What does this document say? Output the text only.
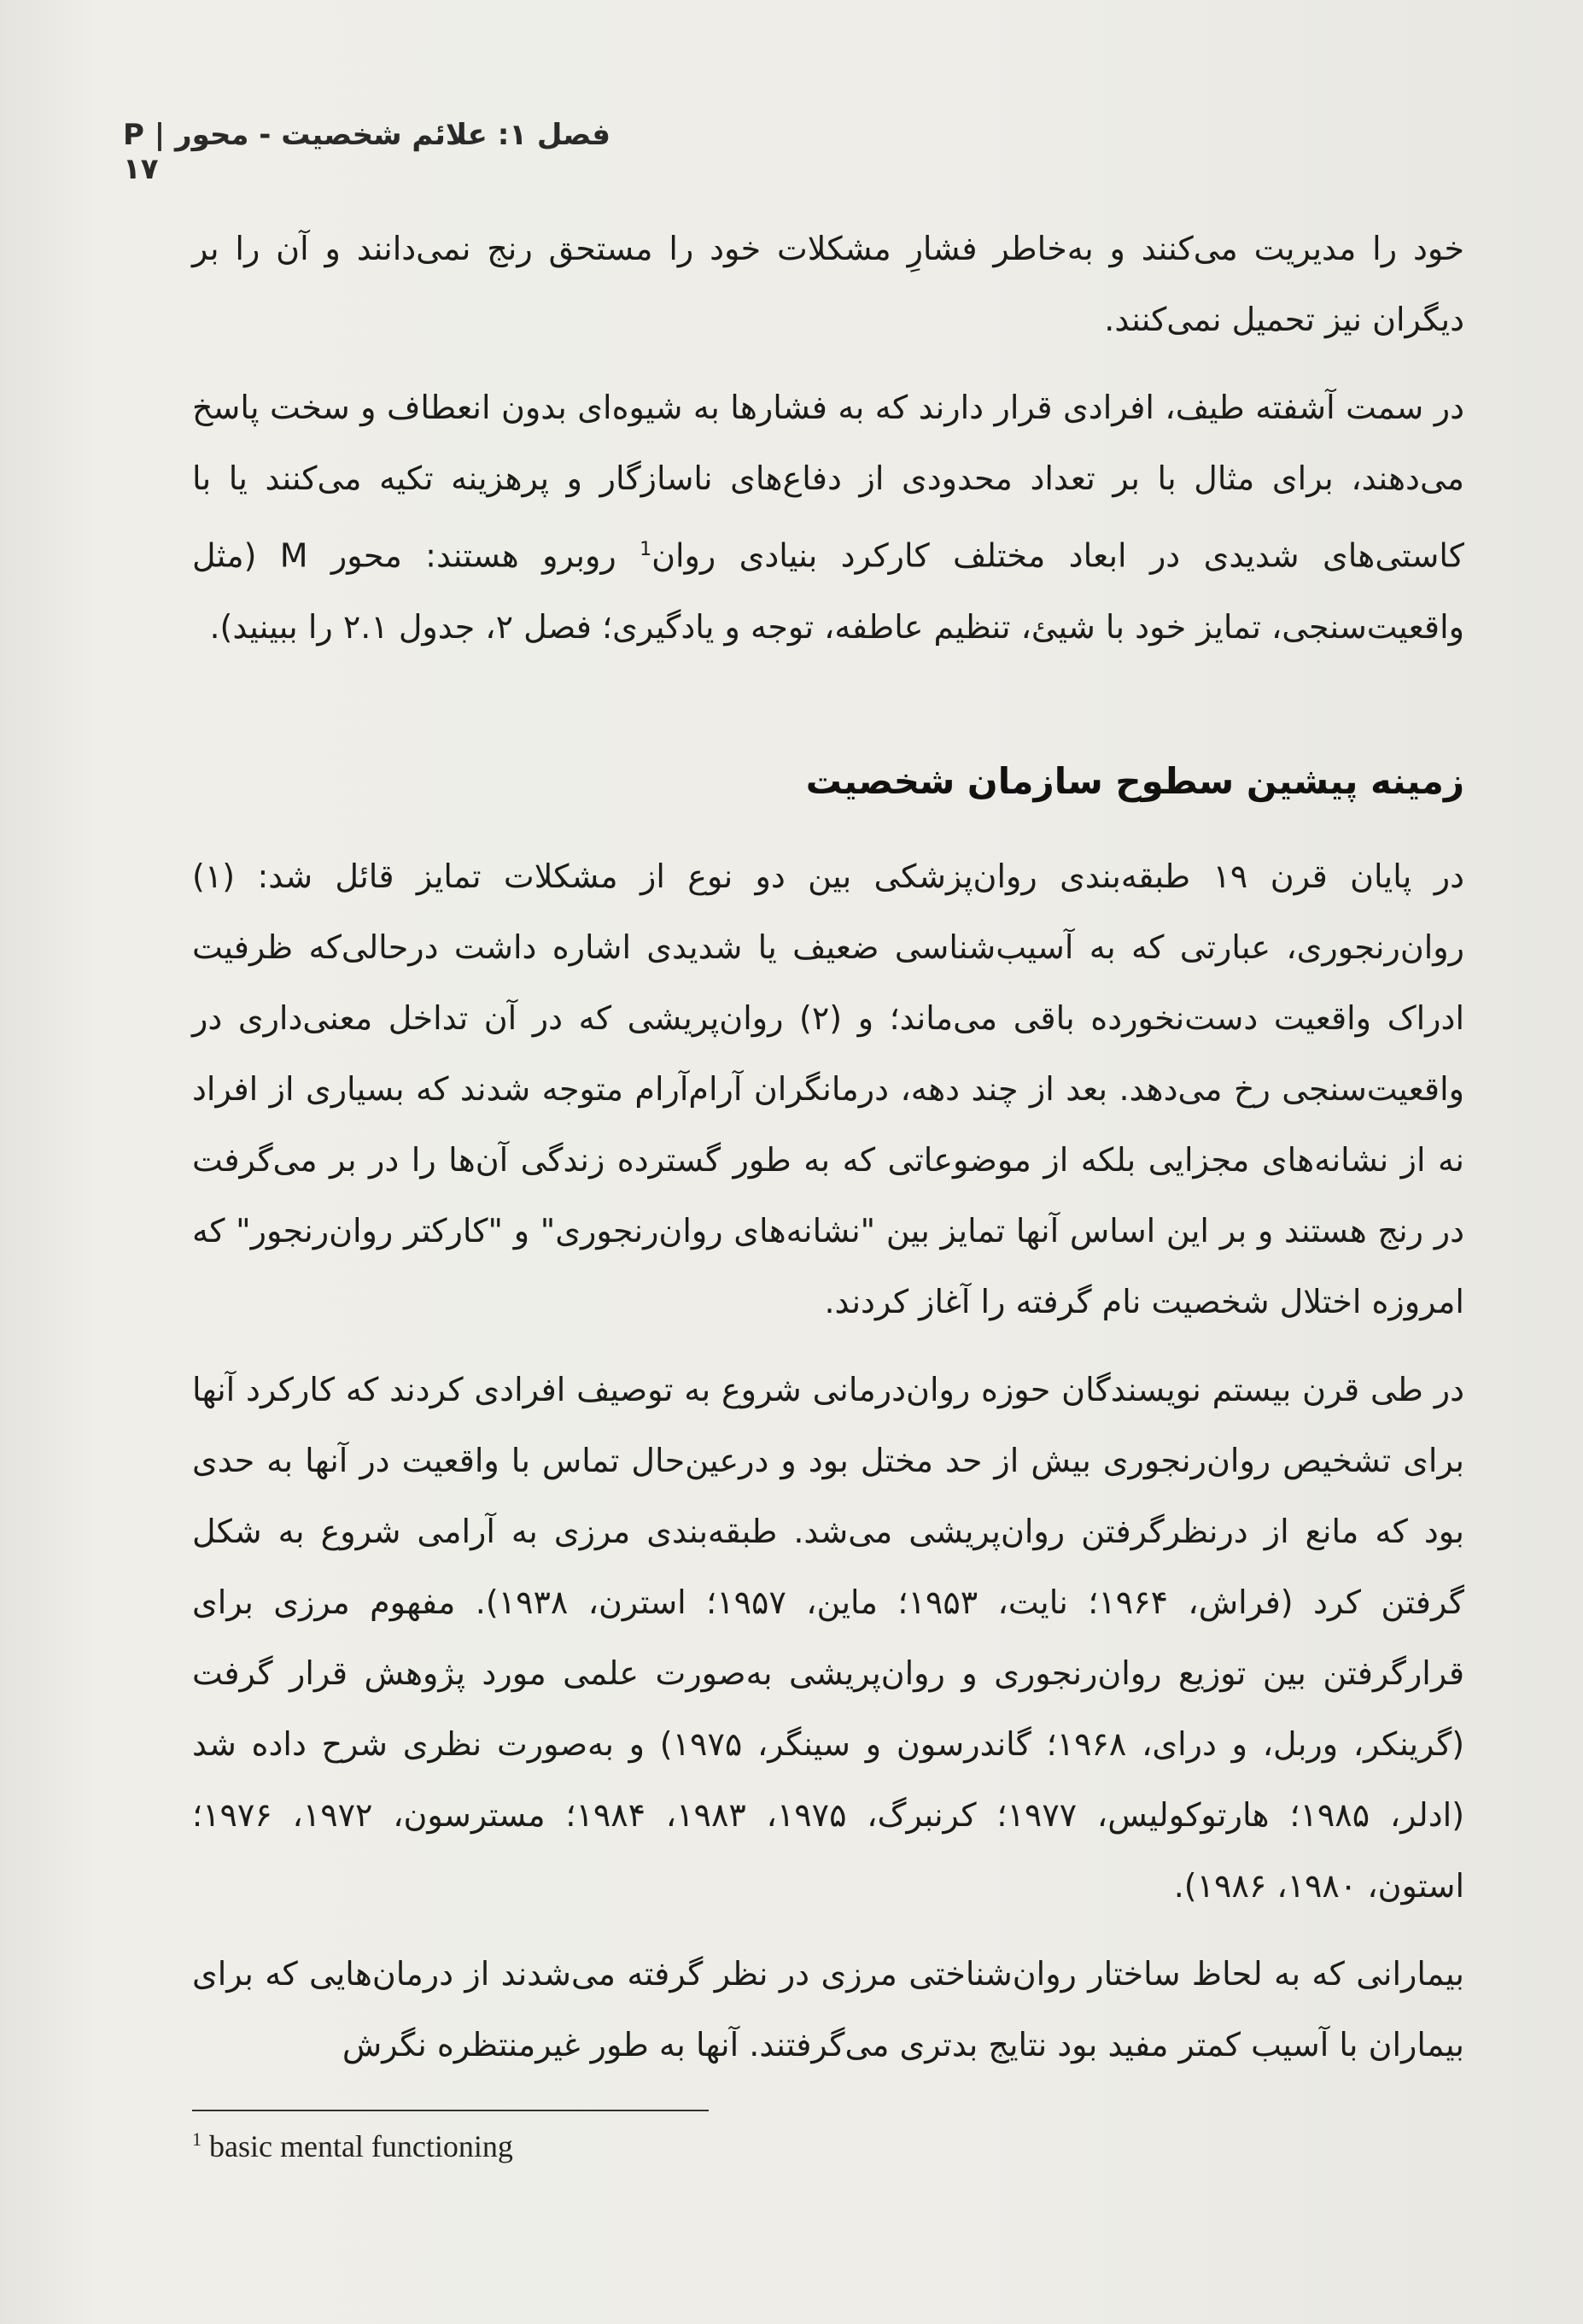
فصل ۱: علائم شخصیت - محور P | ۱۷

خود را مدیریت می‌کنند و به‌خاطر فشارِ مشکلات خود را مستحق رنج نمی‌دانند و آن را بر دیگران نیز تحمیل نمی‌کنند.

در سمت آشفته طیف، افرادی قرار دارند که به فشارها به شیوه‌ای بدون انعطاف و سخت پاسخ می‌دهند، برای مثال با بر تعداد محدودی از دفاع‌های ناسازگار و پرهزینه تکیه می‌کنند یا با کاستی‌های شدیدی در ابعاد مختلف کارکرد بنیادی روان$^1$ روبرو هستند: محور M (مثل واقعیت‌سنجی، تمایز خود با شیئ، تنظیم عاطفه، توجه و یادگیری؛ فصل ۲، جدول ۲.۱ را ببینید).

زمینه پیشین سطوح سازمان شخصیت

در پایان قرن ۱۹ طبقه‌بندی روان‌پزشکی بین دو نوع از مشکلات تمایز قائل شد: (۱) روان‌رنجوری، عبارتی که به آسیب‌شناسی ضعیف یا شدیدی اشاره داشت درحالی‌که ظرفیت ادراک واقعیت دست‌نخورده باقی می‌ماند؛ و (۲) روان‌پریشی که در آن تداخل معنی‌داری در واقعیت‌سنجی رخ می‌دهد. بعد از چند دهه، درمانگران آرام‌آرام متوجه شدند که بسیاری از افراد نه از نشانه‌های مجزایی بلکه از موضوعاتی که به طور گسترده زندگی آن‌ها را در بر می‌گرفت در رنج هستند و بر این اساس آنها تمایز بین "نشانه‌های روان‌رنجوری" و "کارکتر روان‌رنجور" که امروزه اختلال شخصیت نام گرفته را آغاز کردند.

در طی قرن بیستم نویسندگان حوزه روان‌درمانی شروع به توصیف افرادی کردند که کارکرد آنها برای تشخیص روان‌رنجوری بیش از حد مختل بود و درعین‌حال تماس با واقعیت در آنها به حدی بود که مانع از درنظرگرفتن روان‌پریشی می‌شد. طبقه‌بندی مرزی به آرامی شروع به شکل گرفتن کرد (فراش، ۱۹۶۴؛ نایت، ۱۹۵۳؛ ماین، ۱۹۵۷؛ استرن، ۱۹۳۸). مفهوم مرزی برای قرارگرفتن بین توزیع روان‌رنجوری و روان‌پریشی به‌صورت علمی مورد پژوهش قرار گرفت (گرینکر، وربل، و درای، ۱۹۶۸؛ گاندرسون و سینگر، ۱۹۷۵) و به‌صورت نظری شرح داده شد (ادلر، ۱۹۸۵؛ هارتوکولیس، ۱۹۷۷؛ کرنبرگ، ۱۹۷۵، ۱۹۸۳، ۱۹۸۴؛ مسترسون، ۱۹۷۲، ۱۹۷۶؛ استون، ۱۹۸۰، ۱۹۸۶).

بیمارانی که به لحاظ ساختار روان‌شناختی مرزی در نظر گرفته می‌شدند از درمان‌هایی که برای بیماران با آسیب کمتر مفید بود نتایج بدتری می‌گرفتند. آنها به طور غیرمنتظره نگرش

$^1$ basic mental functioning
